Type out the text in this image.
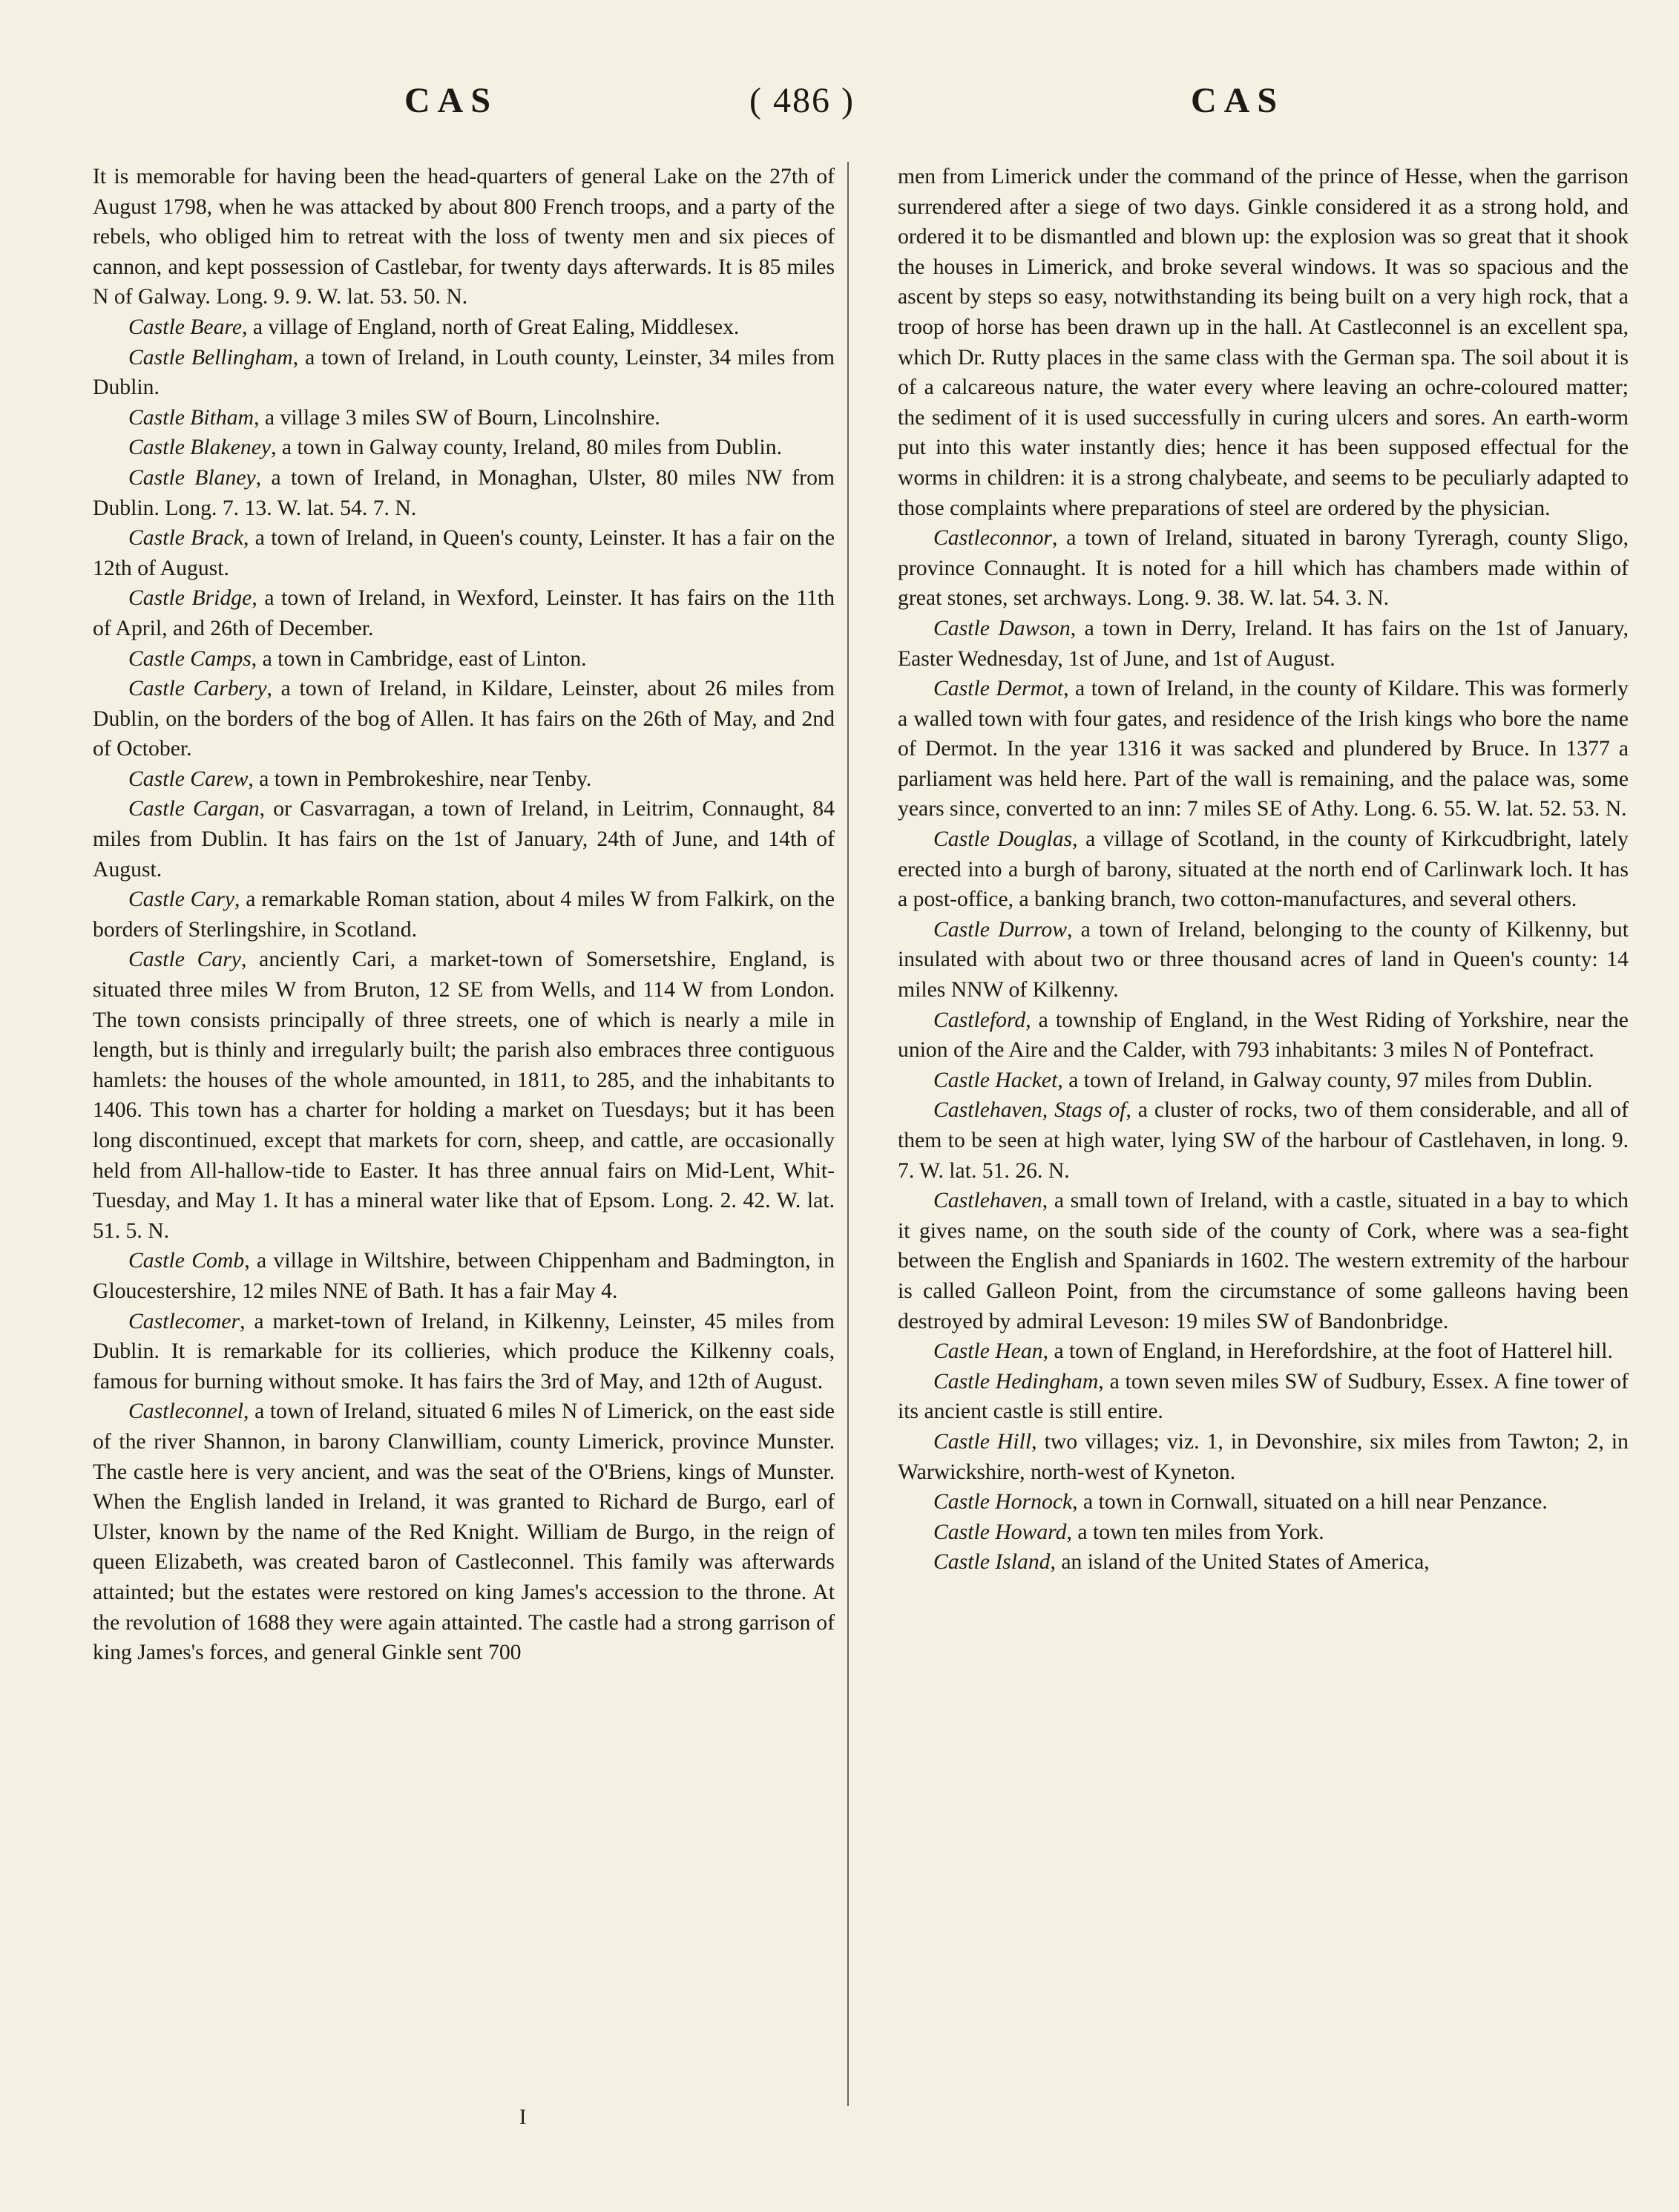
CAS	( 486 )	CAS

It is memorable for having been the head-quarters of general Lake on the 27th of August 1798, when he was attacked by about 800 French troops, and a party of the rebels, who obliged him to retreat with the loss of twenty men and six pieces of cannon, and kept possession of Castlebar, for twenty days afterwards. It is 85 miles N of Galway. Long. 9. 9. W. lat. 53. 50. N.

Castle Beare, a village of England, north of Great Ealing, Middlesex.

Castle Bellingham, a town of Ireland, in Louth county, Leinster, 34 miles from Dublin.

Castle Bitham, a village 3 miles SW of Bourn, Lincolnshire.

Castle Blakeney, a town in Galway county, Ireland, 80 miles from Dublin.

Castle Blaney, a town of Ireland, in Monaghan, Ulster, 80 miles NW from Dublin. Long. 7. 13. W. lat. 54. 7. N.

Castle Brack, a town of Ireland, in Queen's county, Leinster. It has a fair on the 12th of August.

Castle Bridge, a town of Ireland, in Wexford, Leinster. It has fairs on the 11th of April, and 26th of December.

Castle Camps, a town in Cambridge, east of Linton.

Castle Carbery, a town of Ireland, in Kildare, Leinster, about 26 miles from Dublin, on the borders of the bog of Allen. It has fairs on the 26th of May, and 2nd of October.

Castle Carew, a town in Pembrokeshire, near Tenby.

Castle Cargan, or Casvarragan, a town of Ireland, in Leitrim, Connaught, 84 miles from Dublin. It has fairs on the 1st of January, 24th of June, and 14th of August.

Castle Cary, a remarkable Roman station, about 4 miles W from Falkirk, on the borders of Sterlingshire, in Scotland.

Castle Cary, anciently Cari, a market-town of Somersetshire, England, is situated three miles W from Bruton, 12 SE from Wells, and 114 W from London. The town consists principally of three streets, one of which is nearly a mile in length, but is thinly and irregularly built; the parish also embraces three contiguous hamlets: the houses of the whole amounted, in 1811, to 285, and the inhabitants to 1406. This town has a charter for holding a market on Tuesdays; but it has been long discontinued, except that markets for corn, sheep, and cattle, are occasionally held from All-hallow-tide to Easter. It has three annual fairs on Mid-Lent, Whit-Tuesday, and May 1. It has a mineral water like that of Epsom. Long. 2. 42. W. lat. 51. 5. N.

Castle Comb, a village in Wiltshire, between Chippenham and Badmington, in Gloucestershire, 12 miles NNE of Bath. It has a fair May 4.

Castlecomer, a market-town of Ireland, in Kilkenny, Leinster, 45 miles from Dublin. It is remarkable for its collieries, which produce the Kilkenny coals, famous for burning without smoke. It has fairs the 3rd of May, and 12th of August.

Castleconnel, a town of Ireland, situated 6 miles N of Limerick, on the east side of the river Shannon, in barony Clanwilliam, county Limerick, province Munster. The castle here is very ancient, and was the seat of the O'Briens, kings of Munster. When the English landed in Ireland, it was granted to Richard de Burgo, earl of Ulster, known by the name of the Red Knight. William de Burgo, in the reign of queen Elizabeth, was created baron of Castleconnel. This family was afterwards attainted; but the estates were restored on king James's accession to the throne. At the revolution of 1688 they were again attainted. The castle had a strong garrison of king James's forces, and general Ginkle sent 700

men from Limerick under the command of the prince of Hesse, when the garrison surrendered after a siege of two days. Ginkle considered it as a strong hold, and ordered it to be dismantled and blown up: the explosion was so great that it shook the houses in Limerick, and broke several windows. It was so spacious and the ascent by steps so easy, notwithstanding its being built on a very high rock, that a troop of horse has been drawn up in the hall. At Castleconnel is an excellent spa, which Dr. Rutty places in the same class with the German spa. The soil about it is of a calcareous nature, the water every where leaving an ochre-coloured matter; the sediment of it is used successfully in curing ulcers and sores. An earth-worm put into this water instantly dies; hence it has been supposed effectual for the worms in children: it is a strong chalybeate, and seems to be peculiarly adapted to those complaints where preparations of steel are ordered by the physician.

Castleconnor, a town of Ireland, situated in barony Tyreragh, county Sligo, province Connaught. It is noted for a hill which has chambers made within of great stones, set archways. Long. 9. 38. W. lat. 54. 3. N.

Castle Dawson, a town in Derry, Ireland. It has fairs on the 1st of January, Easter Wednesday, 1st of June, and 1st of August.

Castle Dermot, a town of Ireland, in the county of Kildare. This was formerly a walled town with four gates, and residence of the Irish kings who bore the name of Dermot. In the year 1316 it was sacked and plundered by Bruce. In 1377 a parliament was held here. Part of the wall is remaining, and the palace was, some years since, converted to an inn: 7 miles SE of Athy. Long. 6. 55. W. lat. 52. 53. N.

Castle Douglas, a village of Scotland, in the county of Kirkcudbright, lately erected into a burgh of barony, situated at the north end of Carlinwark loch. It has a post-office, a banking branch, two cotton-manufactures, and several others.

Castle Durrow, a town of Ireland, belonging to the county of Kilkenny, but insulated with about two or three thousand acres of land in Queen's county: 14 miles NNW of Kilkenny.

Castleford, a township of England, in the West Riding of Yorkshire, near the union of the Aire and the Calder, with 793 inhabitants: 3 miles N of Pontefract.

Castle Hacket, a town of Ireland, in Galway county, 97 miles from Dublin.

Castlehaven, Stags of, a cluster of rocks, two of them considerable, and all of them to be seen at high water, lying SW of the harbour of Castlehaven, in long. 9. 7. W. lat. 51. 26. N.

Castlehaven, a small town of Ireland, with a castle, situated in a bay to which it gives name, on the south side of the county of Cork, where was a sea-fight between the English and Spaniards in 1602. The western extremity of the harbour is called Galleon Point, from the circumstance of some galleons having been destroyed by admiral Leveson: 19 miles SW of Bandonbridge.

Castle Hean, a town of England, in Herefordshire, at the foot of Hatterel hill.

Castle Hedingham, a town seven miles SW of Sudbury, Essex. A fine tower of its ancient castle is still entire.

Castle Hill, two villages; viz. 1, in Devonshire, six miles from Tawton; 2, in Warwickshire, north-west of Kyneton.

Castle Hornock, a town in Cornwall, situated on a hill near Penzance.

Castle Howard, a town ten miles from York.

Castle Island, an island of the United States of America,

I
